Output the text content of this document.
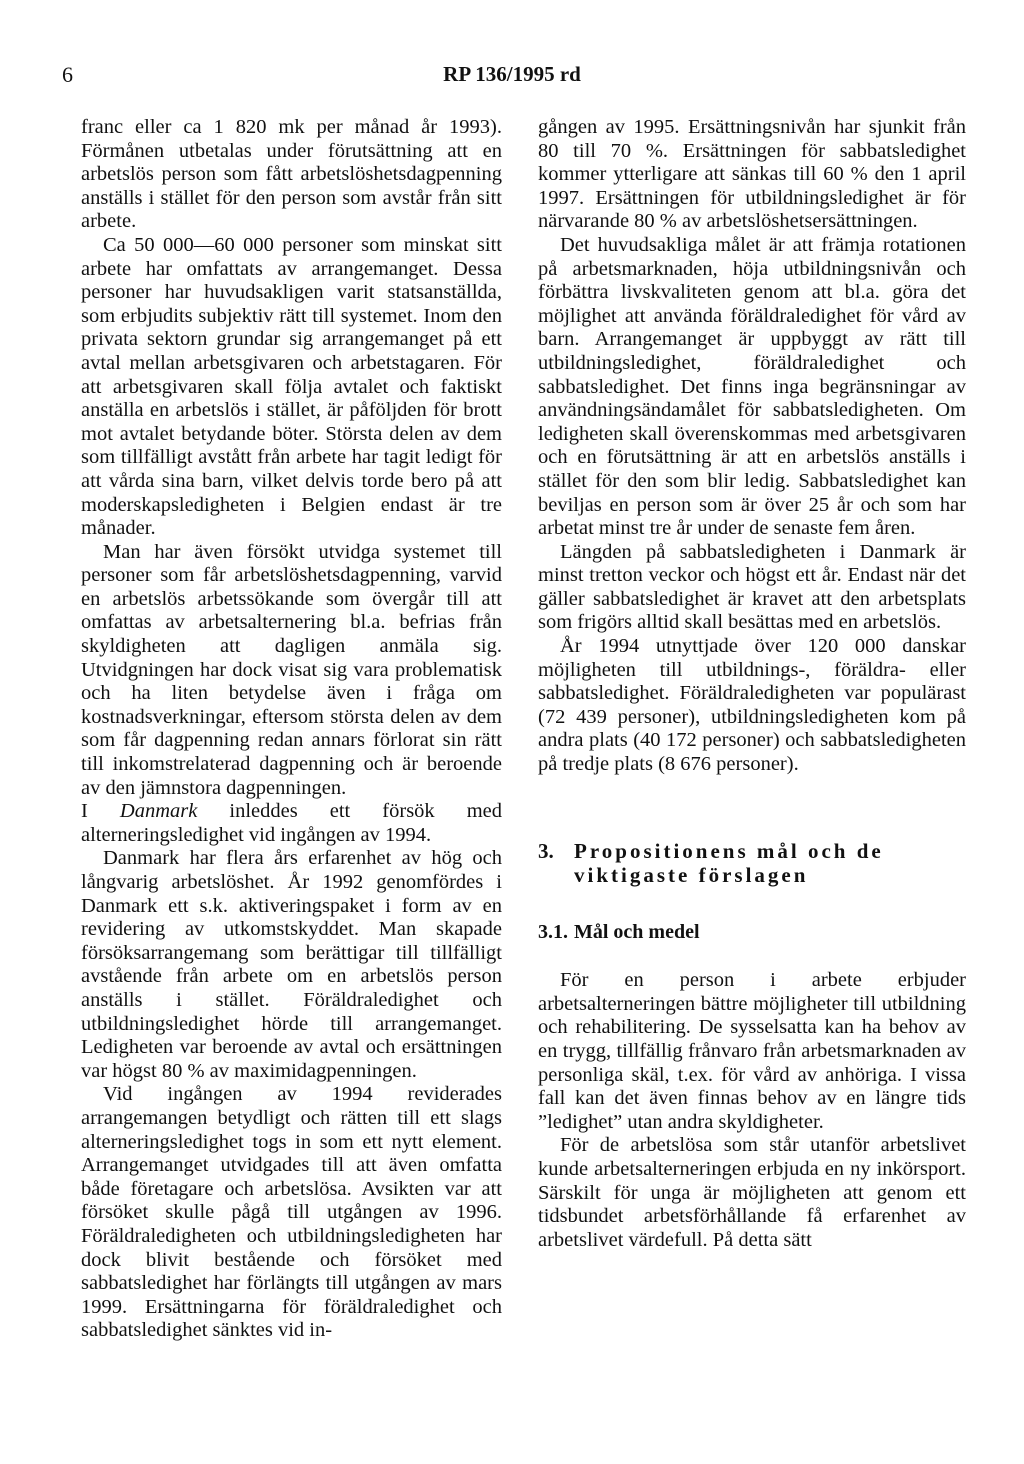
6	RP 136/1995 rd

franc eller ca 1 820 mk per månad år 1993). Förmånen utbetalas under förutsättning att en arbetslös person som fått arbetslöshetsdagpenning anställs i stället för den person som avstår från sitt arbete.

Ca 50 000—60 000 personer som minskat sitt arbete har omfattats av arrangemanget. Dessa personer har huvudsakligen varit statsanställda, som erbjudits subjektiv rätt till systemet. Inom den privata sektorn grundar sig arrangemanget på ett avtal mellan arbetsgivaren och arbetstagaren. För att arbetsgivaren skall följa avtalet och faktiskt anställa en arbetslös i stället, är påföljden för brott mot avtalet betydande böter. Största delen av dem som tillfälligt avstått från arbete har tagit ledigt för att vårda sina barn, vilket delvis torde bero på att moderskapsledigheten i Belgien endast är tre månader.

Man har även försökt utvidga systemet till personer som får arbetslöshetsdagpenning, varvid en arbetslös arbetssökande som övergår till att omfattas av arbetsalternering bl.a. befrias från skyldigheten att dagligen anmäla sig. Utvidgningen har dock visat sig vara problematisk och ha liten betydelse även i fråga om kostnadsverkningar, eftersom största delen av dem som får dagpenning redan annars förlorat sin rätt till inkomstrelaterad dagpenning och är beroende av den jämnstora dagpenningen.

I Danmark inleddes ett försök med alterneringsledighet vid ingången av 1994.

Danmark har flera års erfarenhet av hög och långvarig arbetslöshet. År 1992 genomfördes i Danmark ett s.k. aktiveringspaket i form av en revidering av utkomstskyddet. Man skapade försöksarrangemang som berättigar till tillfälligt avstående från arbete om en arbetslös person anställs i stället. Föräldraledighet och utbildningsledighet hörde till arrangemanget. Ledigheten var beroende av avtal och ersättningen var högst 80 % av maximidagpenningen.

Vid ingången av 1994 reviderades arrangemangen betydligt och rätten till ett slags alterneringsledighet togs in som ett nytt element. Arrangemanget utvidgades till att även omfatta både företagare och arbetslösa. Avsikten var att försöket skulle pågå till utgången av 1996. Föräldraledigheten och utbildningsledigheten har dock blivit bestående och försöket med sabbatsledighet har förlängts till utgången av mars 1999. Ersättningarna för föräldraledighet och sabbatsledighet sänktes vid in-

gången av 1995. Ersättningsnivån har sjunkit från 80 till 70 %. Ersättningen för sabbatsledighet kommer ytterligare att sänkas till 60 % den 1 april 1997. Ersättningen för utbildningsledighet är för närvarande 80 % av arbetslöshetsersättningen.

Det huvudsakliga målet är att främja rotationen på arbetsmarknaden, höja utbildningsnivån och förbättra livskvaliteten genom att bl.a. göra det möjlighet att använda föräldraledighet för vård av barn. Arrangemanget är uppbyggt av rätt till utbildningsledighet, föräldraledighet och sabbatsledighet. Det finns inga begränsningar av användningsändamålet för sabbatsledigheten. Om ledigheten skall överenskommas med arbetsgivaren och en förutsättning är att en arbetslös anställs i stället för den som blir ledig. Sabbatsledighet kan beviljas en person som är över 25 år och som har arbetat minst tre år under de senaste fem åren.

Längden på sabbatsledigheten i Danmark är minst tretton veckor och högst ett år. Endast när det gäller sabbatsledighet är kravet att den arbetsplats som frigörs alltid skall besättas med en arbetslös.

År 1994 utnyttjade över 120 000 danskar möjligheten till utbildnings-, föräldra- eller sabbatsledighet. Föräldraledigheten var populärast (72 439 personer), utbildningsledigheten kom på andra plats (40 172 personer) och sabbatsledigheten på tredje plats (8 676 personer).

3. Propositionens mål och de
viktigaste förslagen
3.1. Mål och medel

För en person i arbete erbjuder arbetsalterneringen bättre möjligheter till utbildning och rehabilitering. De sysselsatta kan ha behov av en trygg, tillfällig frånvaro från arbetsmarknaden av personliga skäl, t.ex. för vård av anhöriga. I vissa fall kan det även finnas behov av en längre tids ”ledighet” utan andra skyldigheter.

För de arbetslösa som står utanför arbetslivet kunde arbetsalterneringen erbjuda en ny inkörsport. Särskilt för unga är möjligheten att genom ett tidsbundet arbetsförhållande få erfarenhet av arbetslivet värdefull. På detta sätt
